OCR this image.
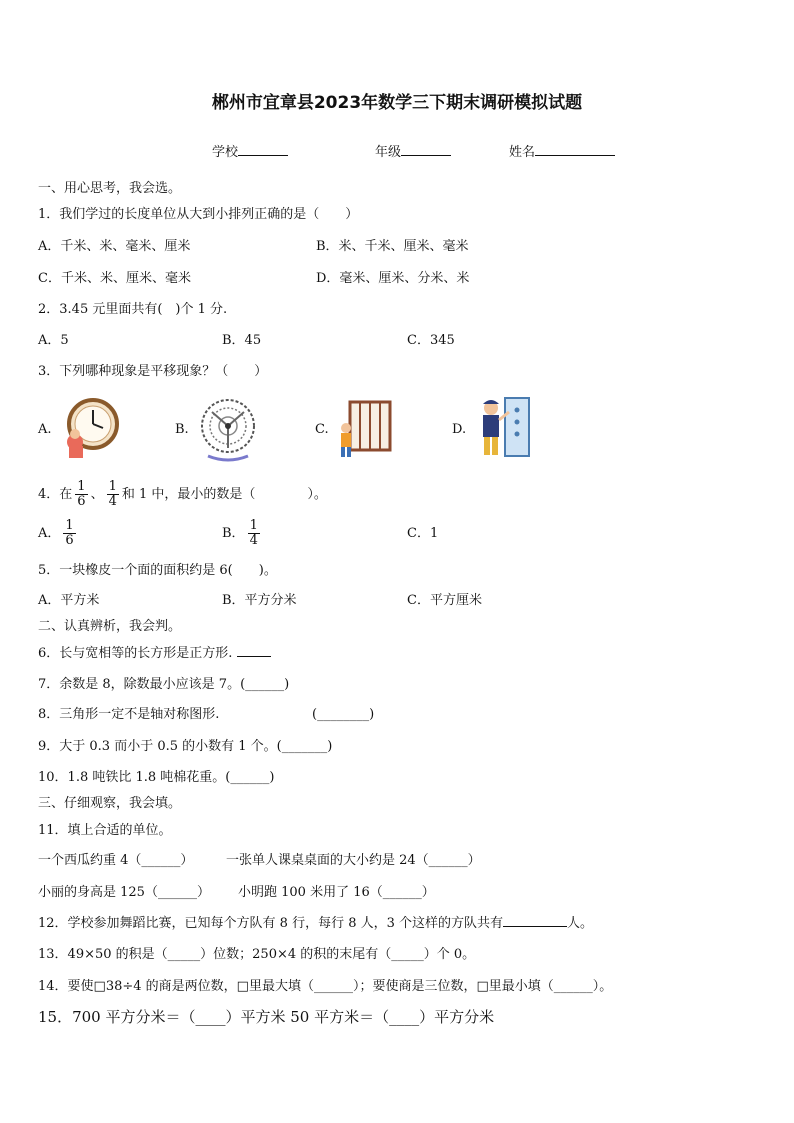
郴州市宜章县2023年数学三下期末调研模拟试题
学校	年级	姓名
一、用心思考，我会选。
1．我们学过的长度单位从大到小排列正确的是（　　）
A．千米、米、毫米、厘米	B．米、千米、厘米、毫米
C．千米、米、厘米、毫米	D．毫米、厘米、分米、米
2．3.45 元里面共有(　)个 1 分.
A．5	B．45	C．345
3．下列哪种现象是平移现象？（　　）
A.	B.	C.	D.
4．在 $\frac{1}{6}$ 、 $\frac{1}{4}$ 和 1 中，最小的数是（　　　　）。
A． $\frac{1}{6}$	B． $\frac{1}{4}$	C．1
5．一块橡皮一个面的面积约是 6(　　)。
A．平方米	B．平方分米	C．平方厘米
二、认真辨析，我会判。
6．长与宽相等的长方形是正方形.
7．余数是 8，除数最小应该是 7。(______)
8．三角形一定不是轴对称图形.	(________)
9．大于 0.3 而小于 0.5 的小数有 1 个。(_______)
10．1.8 吨铁比 1.8 吨棉花重。(______)
三、仔细观察，我会填。
11．填上合适的单位。
一个西瓜约重 4（______）	一张单人课桌桌面的大小约是 24（______）
小丽的身高是 125（______） 小明跑 100 米用了 16（______）
12．学校参加舞蹈比赛，已知每个方队有 8 行，每行 8 人，3 个这样的方队共有	人。
13．49×50 的积是（_____）位数；250×4 的积的末尾有（_____）个 0。
14．要使□38÷4 的商是两位数，□里最大填（______）；要使商是三位数，□里最小填（______）。
15．700 平方分米＝（____）平方米 50 平方米＝（____）平方分米
